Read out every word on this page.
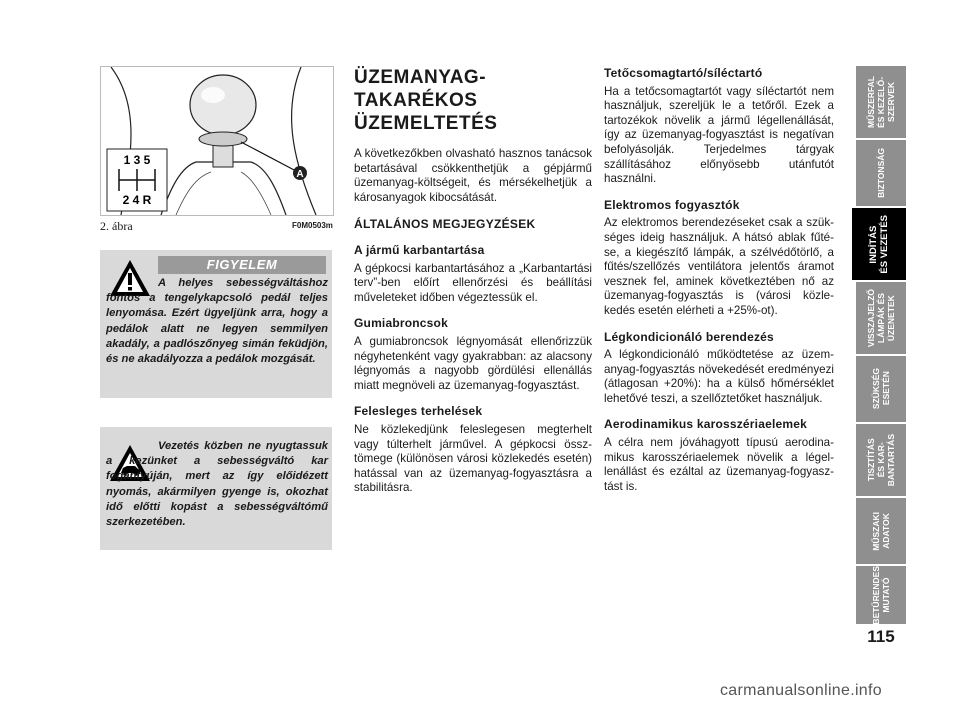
A
1 3 5
2 4 R
2. ábra	F0M0503m
FIGYELEM
A helyes sebességváltáshoz fontos a tengelykapcsoló pedál teljes lenyomása. Ezért ügyeljünk arra, hogy a pedálok alatt ne legyen semmilyen akadály, a padlószőnyeg simán feküdjön, és ne akadályozza a pedálok mozgását.
Vezetés közben ne nyugtassuk a kezünket a sebességváltó kar fogantyúján, mert az így előidézett nyomás, akármilyen gyenge is, okozhat idő előtti kopást a sebességváltómű szerkezetében.
ÜZEMANYAG-
TAKARÉKOS
ÜZEMELTETÉS

A következőkben olvasható hasznos tanácsok betartásával csökkenthetjük a gépjármű üzemanyag-költségeit, és mérsékelhetjük a károsanyagok kibocsátását.

ÁLTALÁNOS MEGJEGYZÉSEK
A jármű karbantartása

A gépkocsi karbantartásához a „Karbantartási terv”-ben előírt ellenőrzési és beállítási műveleteket időben végeztessük el.

Gumiabroncsok

A gumiabroncsok légnyomását ellenőrizzük négyhetenként vagy gyakrabban: az alacsony légnyomás a nagyobb gördülési ellenállás miatt megnöveli az üzemanyag-fogyasztást.

Felesleges terhelések

Ne közlekedjünk feleslegesen megterhelt vagy túlterhelt járművel. A gépkocsi össztömege (különösen városi közlekedés esetén) hatással van az üzemanyag-fogyasztásra a stabilitásra.

Tetőcsomagtartó/síléctartó

Ha a tetőcsomagtartót vagy síléctartót nem használjuk, szereljük le a tetőről. Ezek a tartozékok növelik a jármű légellenállását, így az üzemanyag-fogyasztást is negatívan befolyásolják. Terjedelmes tárgyak szállításához előnyösebb utánfutót használni.

Elektromos fogyasztók

Az elektromos berendezéseket csak a szükséges ideig használjuk. A hátsó ablak fűtése, a kiegészítő lámpák, a szélvédőtörlő, a fűtés/szellőzés ventilátora jelentős áramot vesznek fel, aminek következtében nő az üzemanyag-fogyasztás is (városi közlekedés esetén elérheti a +25%-ot).

Légkondicionáló berendezés

A légkondicionáló működtetése az üzemanyag-fogyasztás növekedését eredményezi (átlagosan +20%): ha a külső hőmérséklet lehetővé teszi, a szellőztetőket használjuk.

Aerodinamikus karosszériaelemek

A célra nem jóváhagyott típusú aerodinamikus karosszériaelemek növelik a légellenállást és ezáltal az üzemanyag-fogyasztást is.

MŰSZERFAL
ÉS KEZELŐ-
SZERVEK
BIZTONSÁG
INDÍTÁS
ÉS VEZETÉS
VISSZAJELZŐ
LÁMPÁK ÉS
ÜZENETEK
SZÜKSÉG
ESETÉN
TISZTÍTÁS
ÉS KAR-
BANTARTÁS
MŰSZAKI
ADATOK
BETŰRENDES
MUTATÓ
115
carmanualsonline.info
